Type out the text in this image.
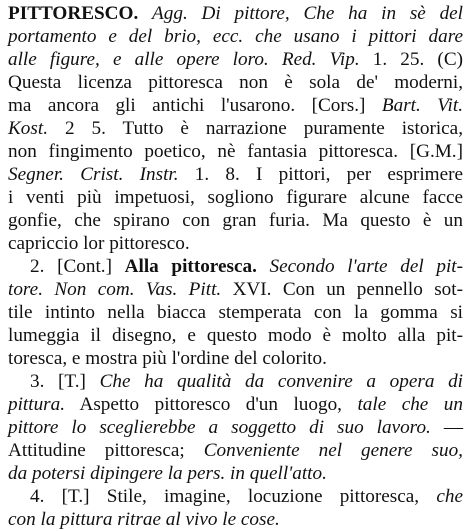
PITTORESCO. Agg. Di pittore, Che ha in sè del
portamento e del brio, ecc. che usano i pittori dare
alle figure, e alle opere loro. Red. Vip. 1. 25. (C)
Questa licenza pittoresca non è sola de' moderni,
ma ancora gli antichi l'usarono. [Cors.] Bart. Vit.
Kost. 2 5. Tutto è narrazione puramente istorica,
non fingimento poetico, nè fantasia pittoresca. [G.M.]
Segner. Crist. Instr. 1. 8. I pittori, per esprimere
i venti più impetuosi, sogliono figurare alcune facce
gonfie, che spirano con gran furia. Ma questo è un
capriccio lor pittoresco.
2. [Cont.] Alla pittoresca. Secondo l'arte del pit-
tore. Non com. Vas. Pitt. XVI. Con un pennello sot-
tile intinto nella biacca stemperata con la gomma si
lumeggia il disegno, e questo modo è molto alla pit-
toresca, e mostra più l'ordine del colorito.
3. [T.] Che ha qualità da convenire a opera di
pittura. Aspetto pittoresco d'un luogo, tale che un
pittore lo sceglierebbe a soggetto di suo lavoro. —
Attitudine pittoresca; Conveniente nel genere suo,
da potersi dipingere la pers. in quell'atto.
4. [T.] Stile, imagine, locuzione pittoresca, che
con la pittura ritrae al vivo le cose.
